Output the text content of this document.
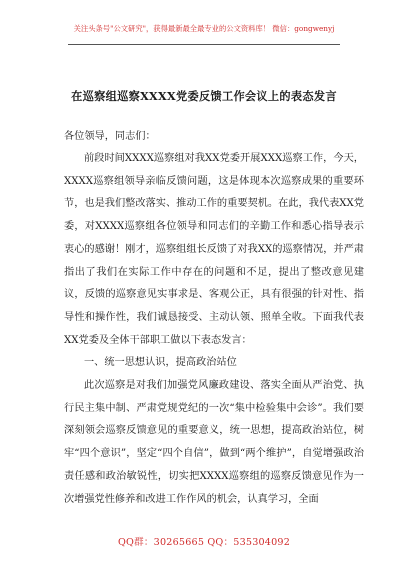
关注头条号"公文研究"，获得最新最全最专业的公文资料库！ 微信：gongwenyj
在巡察组巡察XXXX党委反馈工作会议上的表态发言

各位领导，同志们：

前段时间XXXX巡察组对我XX党委开展XXX巡察工作，今天，XXXX巡察组领导亲临反馈问题，这是体现本次巡察成果的重要环节，也是我们整改落实、推动工作的重要契机。在此，我代表XX党委，对XXXX巡察组各位领导和同志们的辛勤工作和悉心指导表示衷心的感谢！刚才，巡察组组长反馈了对我XX的巡察情况，并严肃指出了我们在实际工作中存在的问题和不足，提出了整改意见建议，反馈的巡察意见实事求是、客观公正，具有很强的针对性、指导性和操作性，我们诚恳接受、主动认领、照单全收。下面我代表XX党委及全体干部职工做以下表态发言：

一、统一思想认识，提高政治站位

此次巡察是对我们加强党风廉政建设、落实全面从严治党、执行民主集中制、严肃党规党纪的一次“集中检验集中会诊”。我们要深刻领会巡察反馈意见的重要意义，统一思想，提高政治站位，树牢“四个意识”，坚定“四个自信”，做到“两个维护”，自觉增强政治责任感和政治敏锐性，切实把XXXX巡察组的巡察反馈意见作为一次增强党性修养和改进工作作风的机会，认真学习，全面

QQ群：30265665 QQ：535304092
